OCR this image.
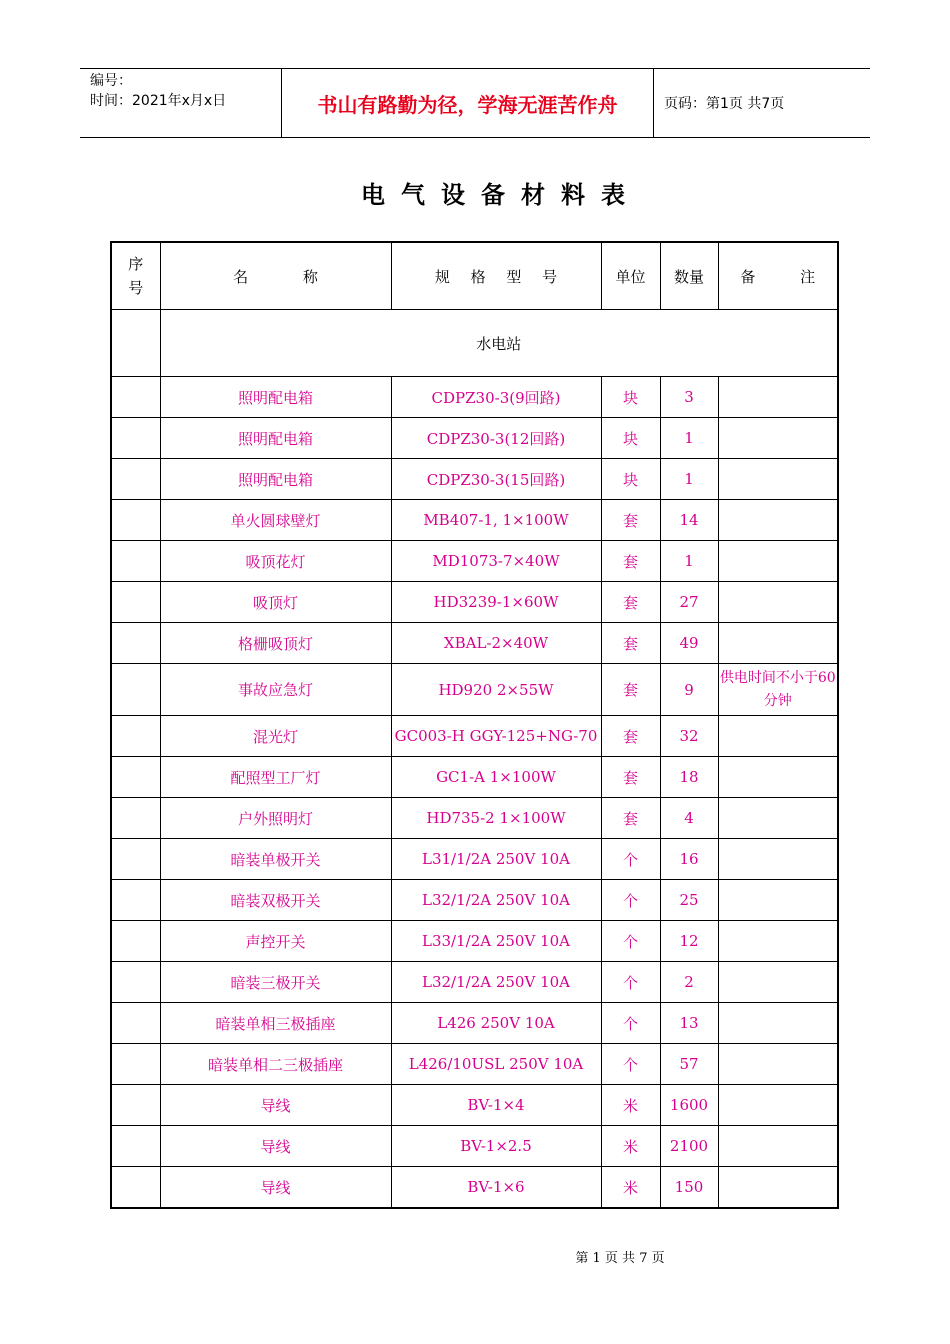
编号：
时间：2021年x月x日	书山有路勤为径，学海无涯苦作舟	页码：第1页 共7页
电气设备材料表
序
号	名 称	规 格 型 号	单位	数量	备 注
	水电站				
	照明配电箱	CDPZ30-3(9回路)	块	3	
	照明配电箱	CDPZ30-3(12回路)	块	1	
	照明配电箱	CDPZ30-3(15回路)	块	1	
	单火圆球壁灯	MB407-1, 1×100W	套	14	
	吸顶花灯	MD1073-7×40W	套	1	
	吸顶灯	HD3239-1×60W	套	27	
	格栅吸顶灯	XBAL-2×40W	套	49	
	事故应急灯	HD920 2×55W	套	9	供电时间不小于60分钟
	混光灯	GC003-H GGY-125+NG-70	套	32	
	配照型工厂灯	GC1-A 1×100W	套	18	
	户外照明灯	HD735-2 1×100W	套	4	
	暗装单极开关	L31/1/2A 250V 10A	个	16	
	暗装双极开关	L32/1/2A 250V 10A	个	25	
	声控开关	L33/1/2A 250V 10A	个	12	
	暗装三极开关	L32/1/2A 250V 10A	个	2	
	暗装单相三极插座	L426 250V 10A	个	13	
	暗装单相二三极插座	L426/10USL 250V 10A	个	57	
	导线	BV-1×4	米	1600	
	导线	BV-1×2.5	米	2100	
	导线	BV-1×6	米	150	
第 1 页 共 7 页
